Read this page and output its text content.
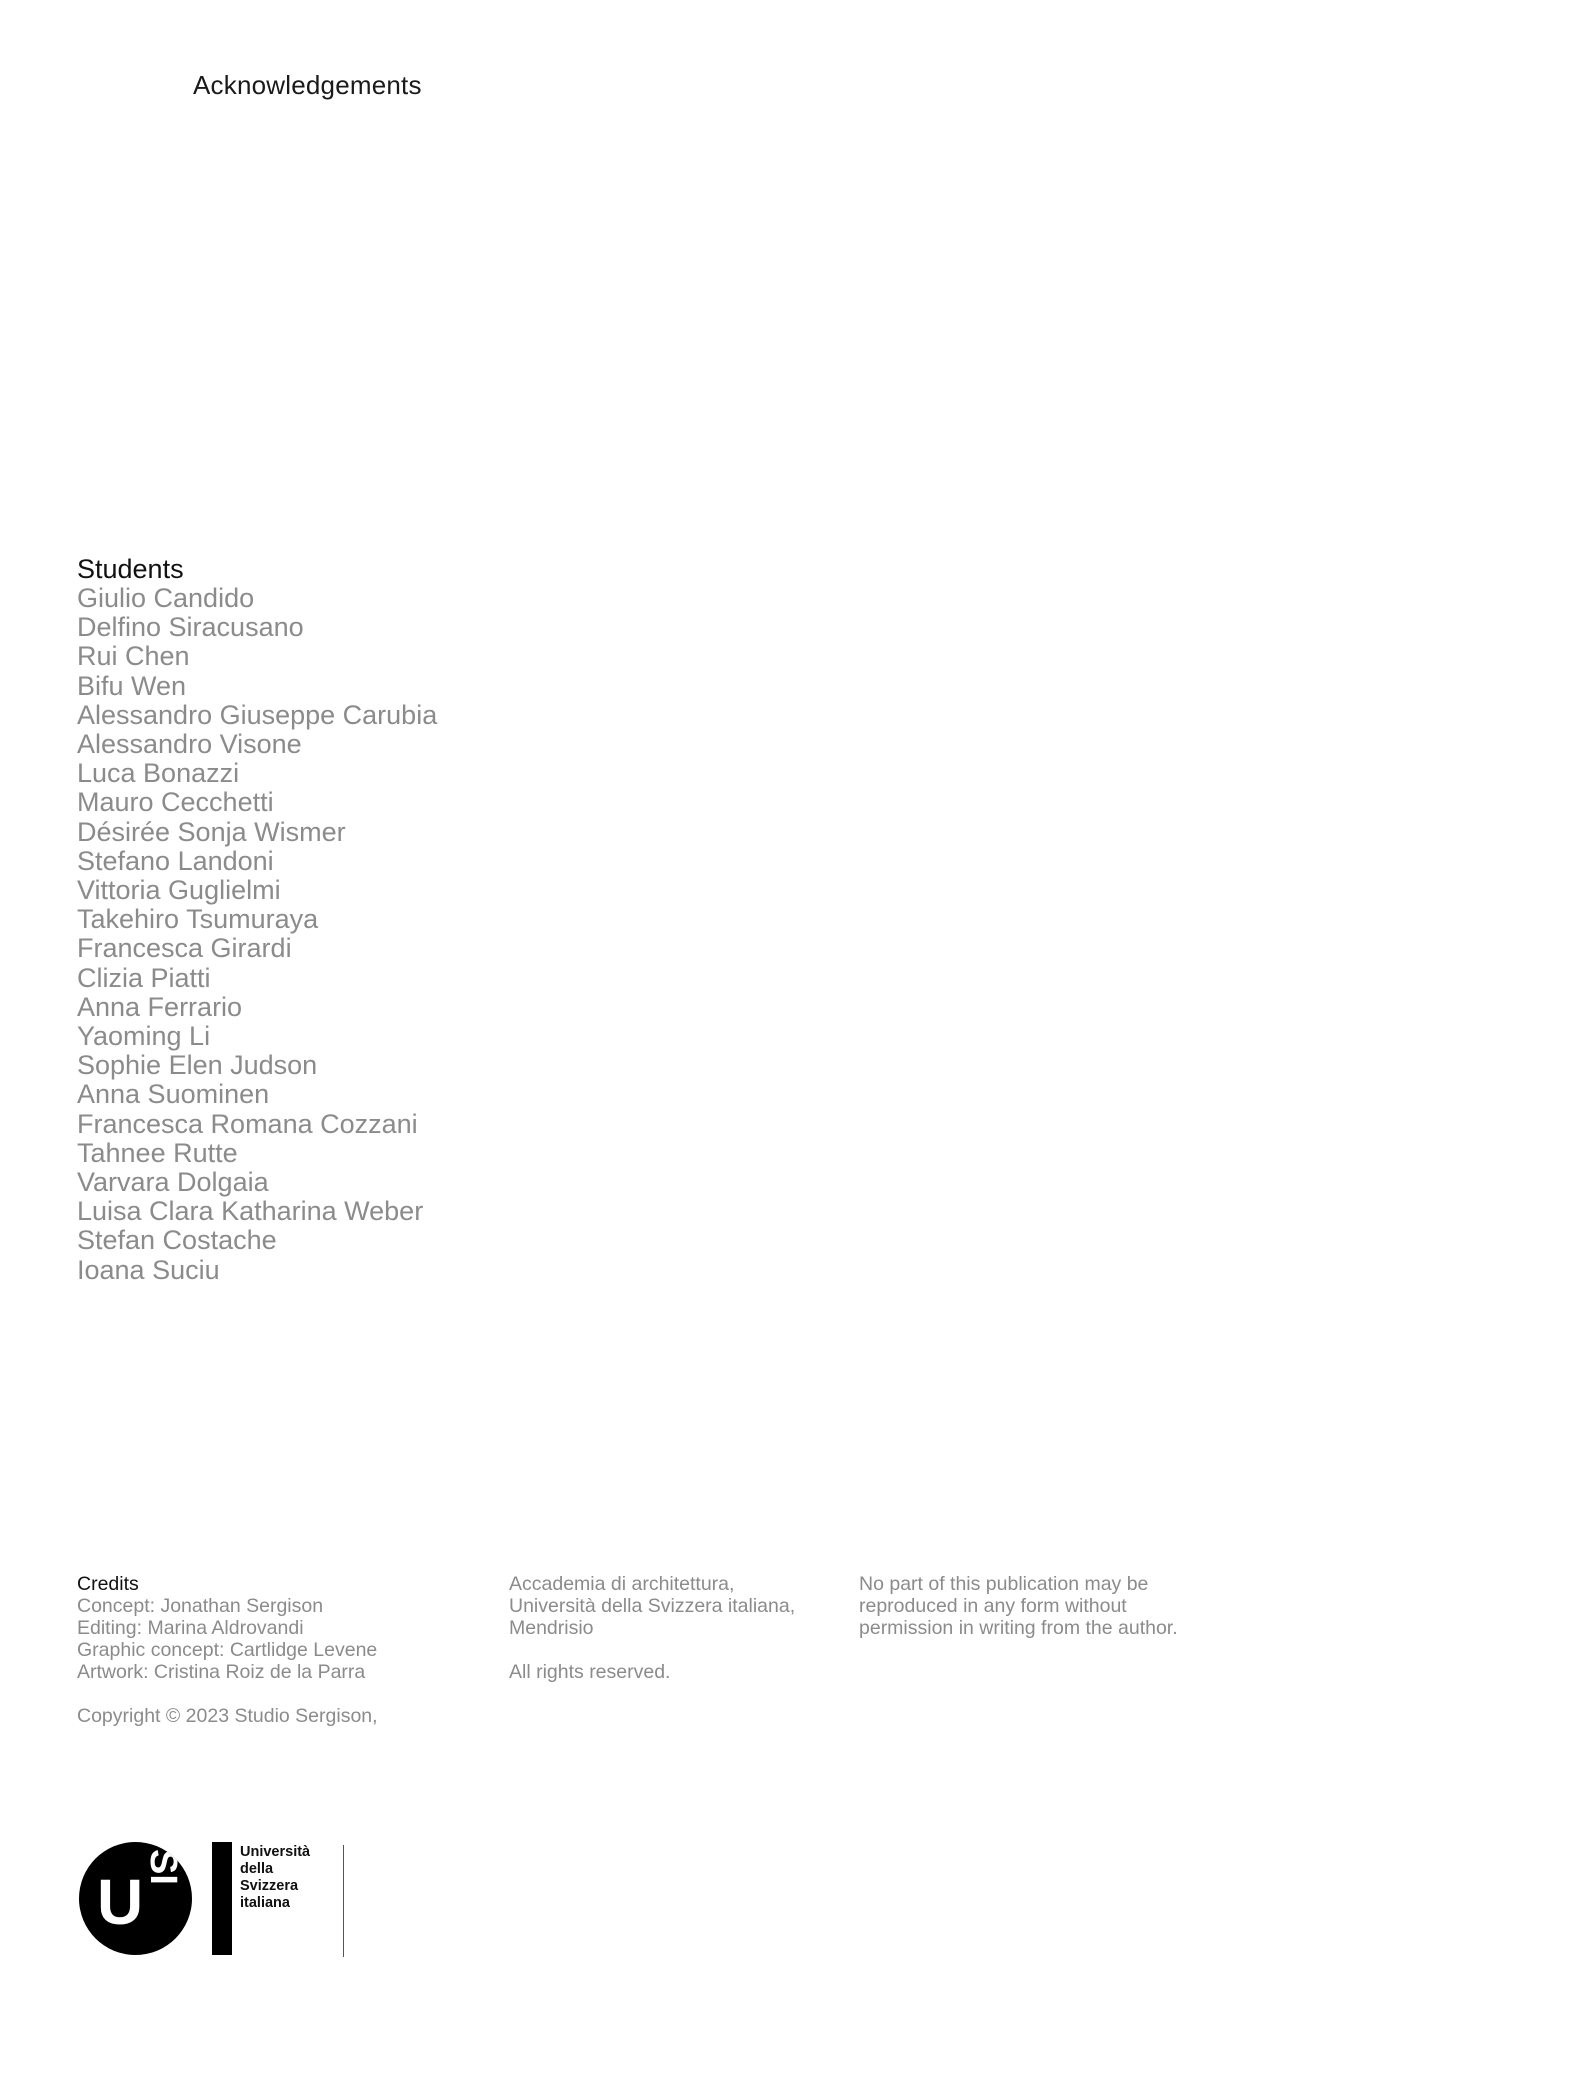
Acknowledgements
Students
Giulio Candido
Delfino Siracusano
Rui Chen
Bifu Wen
Alessandro Giuseppe Carubia
Alessandro Visone
Luca Bonazzi
Mauro Cecchetti
Désirée Sonja Wismer
Stefano Landoni
Vittoria Guglielmi
Takehiro Tsumuraya
Francesca Girardi
Clizia Piatti
Anna Ferrario
Yaoming Li
Sophie Elen Judson
Anna Suominen
Francesca Romana Cozzani
Tahnee Rutte
Varvara Dolgaia
Luisa Clara Katharina Weber
Stefan Costache
Ioana Suciu
Credits
Concept: Jonathan Sergison
Editing: Marina Aldrovandi
Graphic concept: Cartlidge Levene
Artwork: Cristina Roiz de la Parra
Copyright © 2023 Studio Sergison,
Accademia di architettura,
Università della Svizzera italiana,
Mendrisio
All rights reserved.
No part of this publication may be
reproduced in any form without
permission in writing from the author.
U
SI	Università
della
Svizzera
italiana
